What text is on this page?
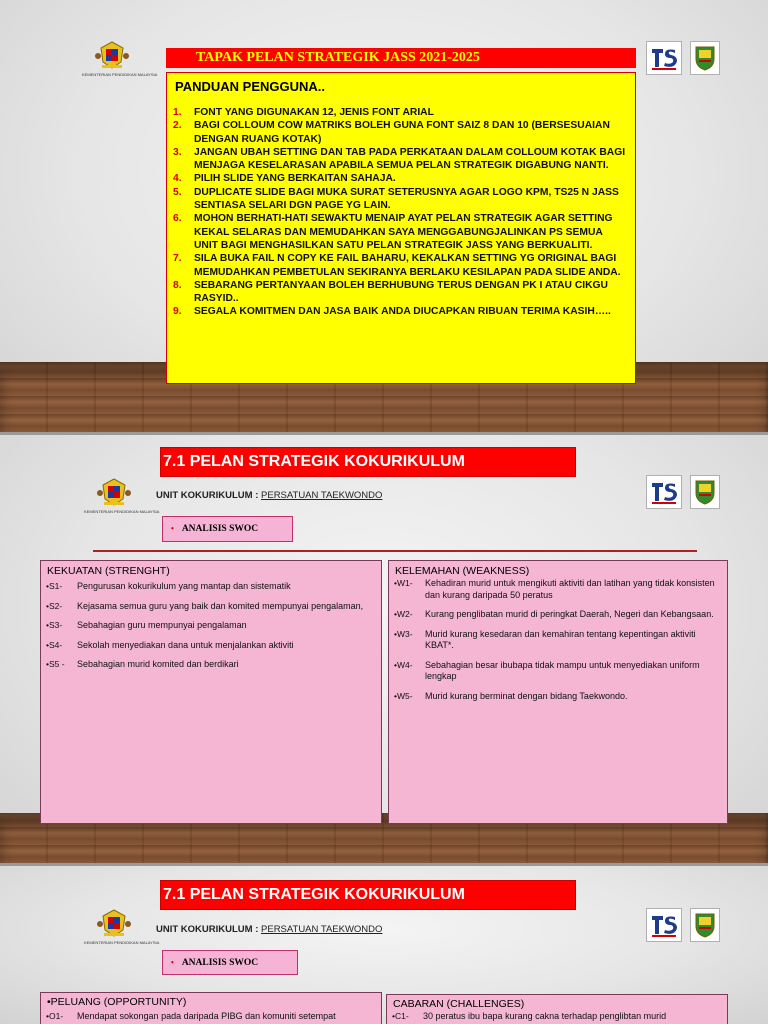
KEMENTERIAN PENDIDIKAN MALAYSIA
TAPAK PELAN STRATEGIK JASS 2021-2025
PANDUAN PENGGUNA..
1. FONT YANG DIGUNAKAN 12, JENIS FONT ARIAL
2. BAGI COLLOUM COW MATRIKS BOLEH GUNA FONT SAIZ 8 DAN 10 (BERSESUAIAN DENGAN RUANG KOTAK)
3. JANGAN UBAH SETTING DAN TAB PADA PERKATAAN DALAM COLLOUM KOTAK BAGI MENJAGA KESELARASAN APABILA SEMUA PELAN STRATEGIK DIGABUNG NANTI.
4. PILIH SLIDE YANG BERKAITAN SAHAJA.
5. DUPLICATE SLIDE BAGI MUKA SURAT SETERUSNYA AGAR LOGO KPM, TS25 N JASS SENTIASA SELARI DGN PAGE YG LAIN.
6. MOHON BERHATI-HATI SEWAKTU MENAIP AYAT PELAN STRATEGIK AGAR SETTING KEKAL SELARAS DAN MEMUDAHKAN SAYA MENGGABUNGJALINKAN PS SEMUA UNIT BAGI MENGHASILKAN SATU PELAN STRATEGIK JASS YANG BERKUALITI.
7. SILA BUKA FAIL N COPY KE FAIL BAHARU, KEKALKAN SETTING YG ORIGINAL BAGI MEMUDAHKAN PEMBETULAN SEKIRANYA BERLAKU KESILAPAN PADA SLIDE ANDA.
8. SEBARANG PERTANYAAN BOLEH BERHUBUNG TERUS DENGAN PK I ATAU CIKGU RASYID..
9. SEGALA KOMITMEN DAN JASA BAIK ANDA DIUCAPKAN RIBUAN TERIMA KASIH…..
7.1 PELAN STRATEGIK KOKURIKULUM
KEMENTERIAN PENDIDIKAN MALAYSIA
UNIT KOKURIKULUM : PERSATUAN TAEKWONDO
• ANALISIS SWOC
KEKUATAN (STRENGHT)
•S1-	Pengurusan kokurikulum yang mantap dan sistematik
•S2-	Kejasama semua guru yang baik dan komited mempunyai pengalaman,
•S3-	Sebahagian guru mempunyai pengalaman
•S4-	Sekolah menyediakan dana untuk menjalankan aktiviti
•S5 -	Sebahagian murid komited dan berdikari
KELEMAHAN (WEAKNESS)
•W1-	Kehadiran murid untuk mengikuti aktiviti dan latihan yang tidak konsisten dan kurang daripada 50 peratus
•W2-	Kurang penglibatan murid di peringkat Daerah, Negeri dan Kebangsaan.
•W3-	Murid kurang kesedaran dan kemahiran tentang kepentingan aktiviti KBAT*.
•W4-	Sebahagian besar ibubapa tidak mampu untuk menyediakan uniform lengkap
•W5-	Murid kurang berminat dengan bidang Taekwondo.
7.1 PELAN STRATEGIK KOKURIKULUM
KEMENTERIAN PENDIDIKAN MALAYSIA
UNIT KOKURIKULUM : PERSATUAN TAEKWONDO
• ANALISIS SWOC
•PELUANG (OPPORTUNITY)
•O1-	Mendapat sokongan pada daripada PIBG dan komuniti setempat
CABARAN (CHALLENGES)
•C1-	30 peratus ibu bapa kurang cakna terhadap penglibtan murid
